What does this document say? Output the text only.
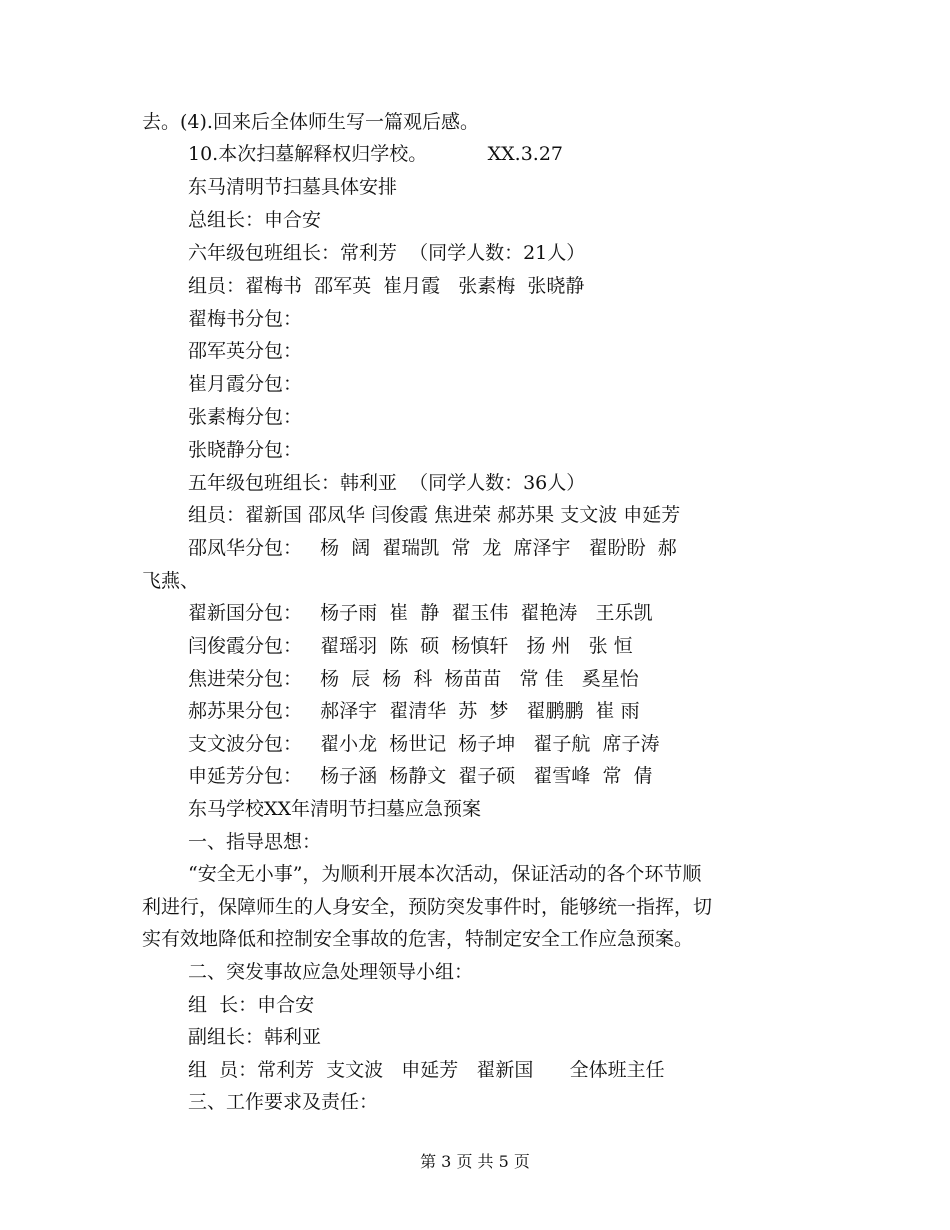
去。(4).回来后全体师生写一篇观后感。
10.本次扫墓解释权归学校。          XX.3.27
东马清明节扫墓具体安排
总组长：申合安
六年级包班组长：常利芳  （同学人数：21人）
组员：翟梅书  邵军英  崔月霞   张素梅  张晓静
翟梅书分包：
邵军英分包：
崔月霞分包：
张素梅分包：
张晓静分包：
五年级包班组长：韩利亚  （同学人数：36人）
组员：翟新国 邵凤华 闫俊霞 焦进荣 郝苏果 支文波 申延芳
邵凤华分包：   杨  阔  翟瑞凯  常  龙  席泽宇   翟盼盼  郝
飞燕、
翟新国分包：   杨子雨  崔  静  翟玉伟  翟艳涛   王乐凯
闫俊霞分包：   翟瑶羽  陈  硕  杨慎轩   扬 州   张 恒
焦进荣分包：   杨  辰  杨  科  杨苗苗   常 佳   奚星怡
郝苏果分包：   郝泽宇  翟清华  苏  梦   翟鹏鹏  崔 雨
支文波分包：   翟小龙  杨世记  杨子坤   翟子航  席子涛
申延芳分包：   杨子涵  杨静文  翟子硕   翟雪峰  常  倩
东马学校XX年清明节扫墓应急预案
一、指导思想：
“安全无小事”，为顺利开展本次活动，保证活动的各个环节顺
利进行，保障师生的人身安全，预防突发事件时，能够统一指挥，切
实有效地降低和控制安全事故的危害，特制定安全工作应急预案。
二、突发事故应急处理领导小组：
组  长：申合安
副组长：韩利亚
组  员：常利芳  支文波   申延芳   翟新国      全体班主任
三、工作要求及责任：
第 3 页 共 5 页
